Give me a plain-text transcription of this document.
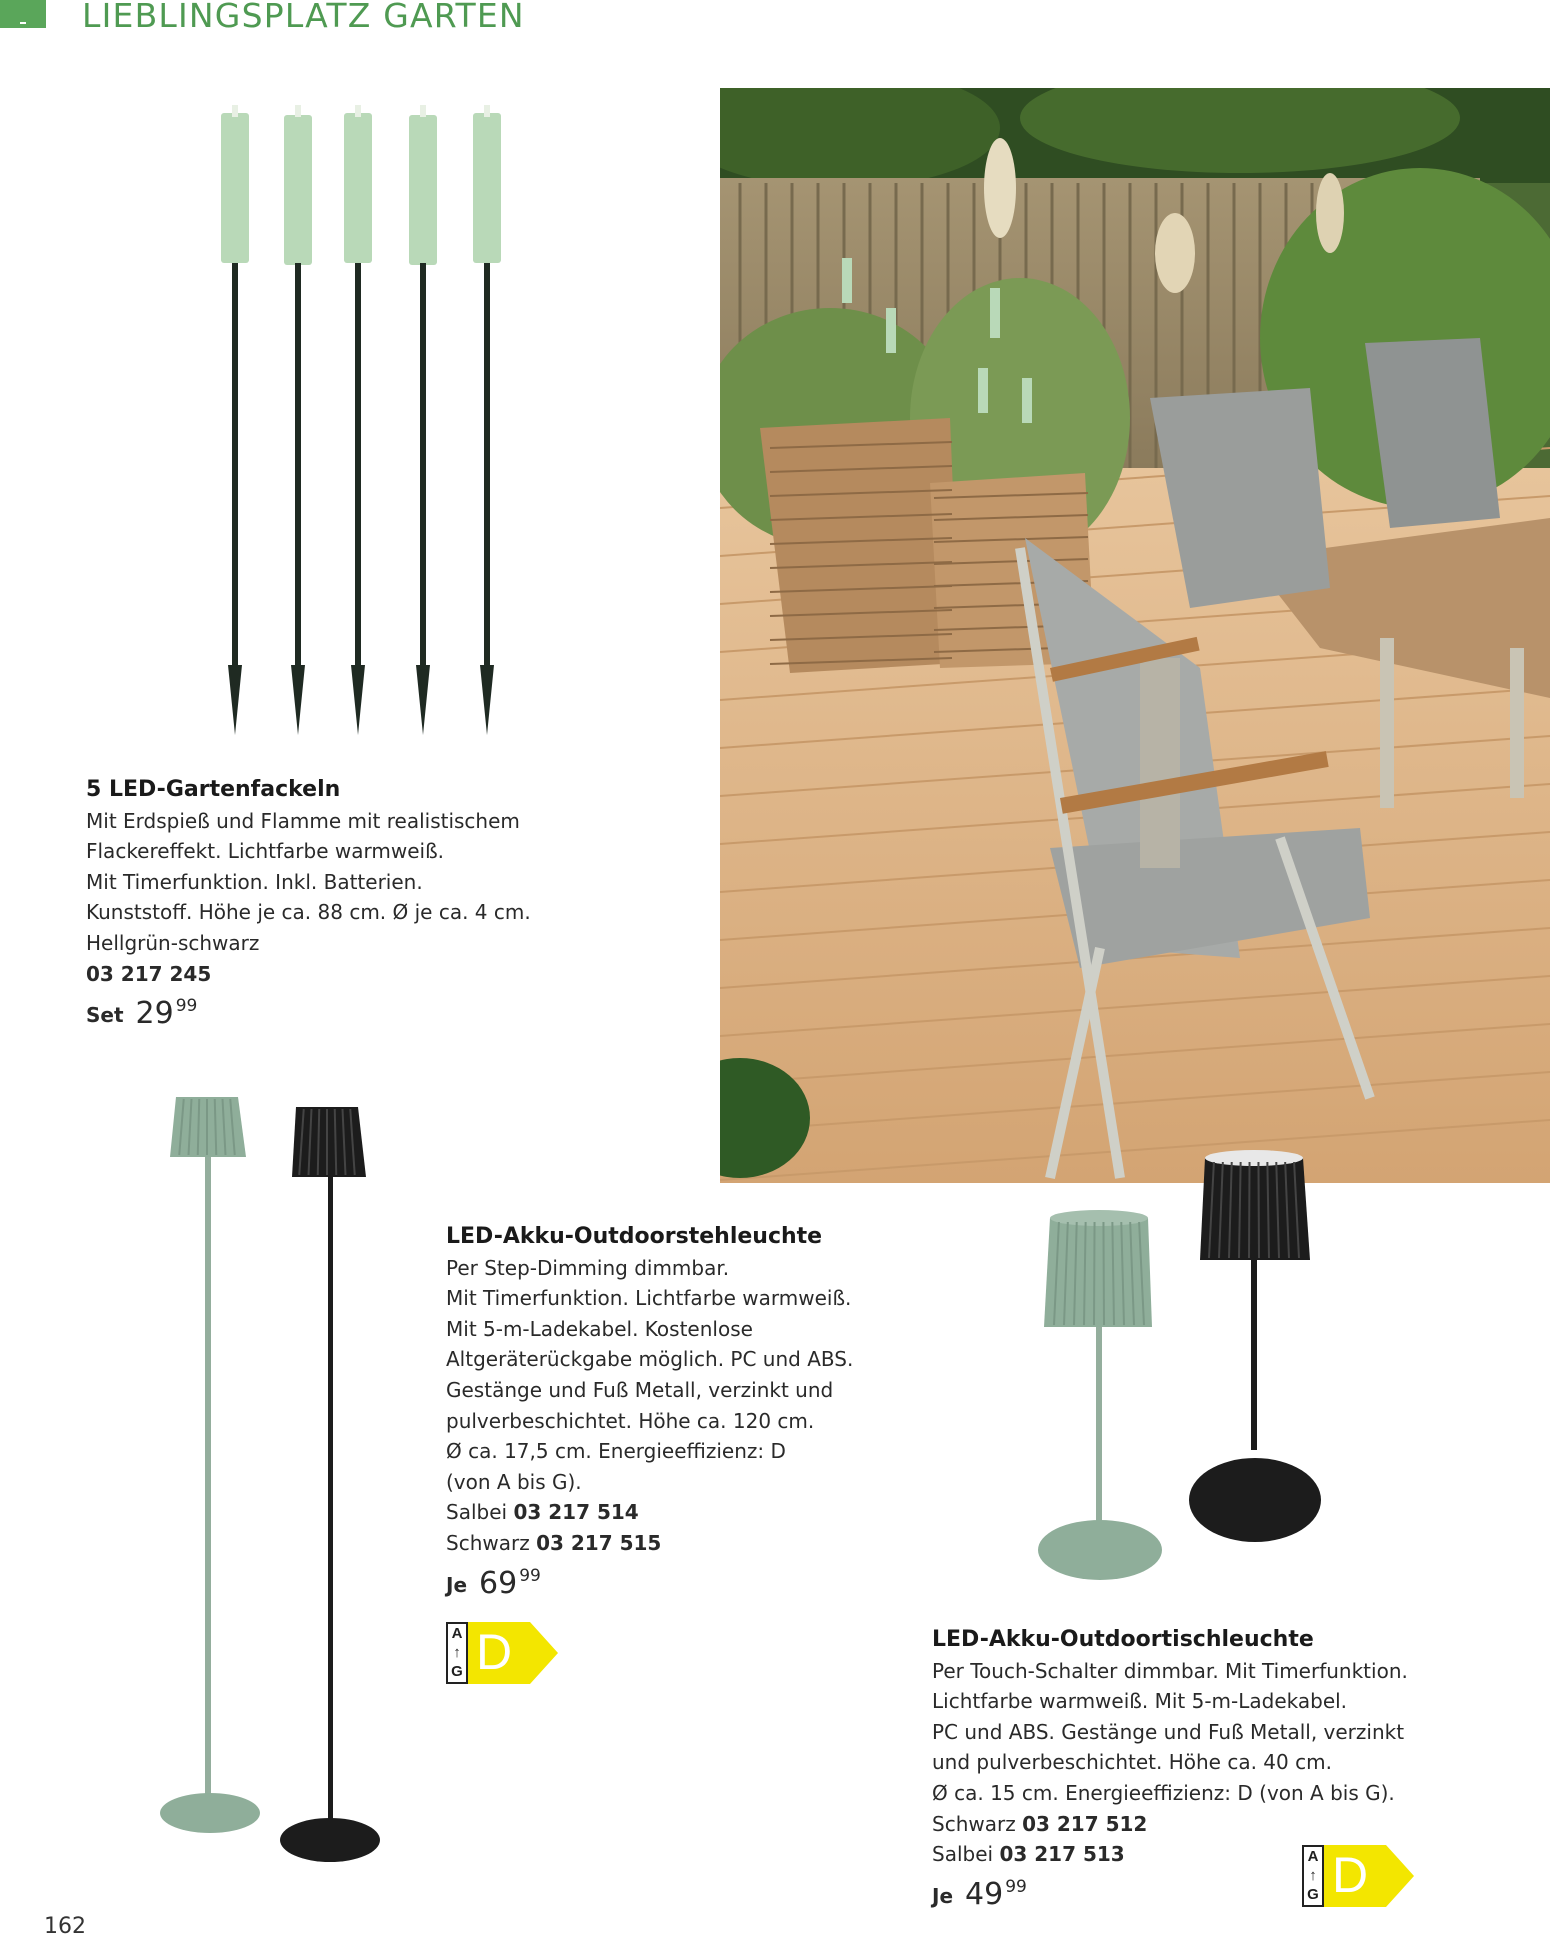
LIEBLINGSPLATZ GARTEN
5 LED-Gartenfackeln
Mit Erdspieß und Flamme mit realistischem
Flackereffekt. Lichtfarbe warmweiß.
Mit Timerfunktion. Inkl. Batterien.
Kunststoff. Höhe je ca. 88 cm. Ø je ca. 4 cm.
Hellgrün-schwarz
03 217 245
Set 29 99
LED-Akku-Outdoorstehleuchte
Per Step-Dimming dimmbar.
Mit Timerfunktion. Lichtfarbe warmweiß.
Mit 5-m-Ladekabel. Kostenlose
Altgeräterückgabe möglich. PC und ABS.
Gestänge und Fuß Metall, verzinkt und
pulverbeschichtet. Höhe ca. 120 cm.
Ø ca. 17,5 cm. Energieeffizienz: D
(von A bis G).
Salbei 03 217 514
Schwarz 03 217 515
Je 69 99
A
↑
G D	LED-Akku-Outdoortischleuchte
Per Touch-Schalter dimmbar. Mit Timerfunktion.
Lichtfarbe warmweiß. Mit 5-m-Ladekabel.
PC und ABS. Gestänge und Fuß Metall, verzinkt
und pulverbeschichtet. Höhe ca. 40 cm.
Ø ca. 15 cm. Energieeffizienz: D (von A bis G).
Schwarz 03 217 512
Salbei 03 217 513
Je 49 99
A
↑
G D
162
